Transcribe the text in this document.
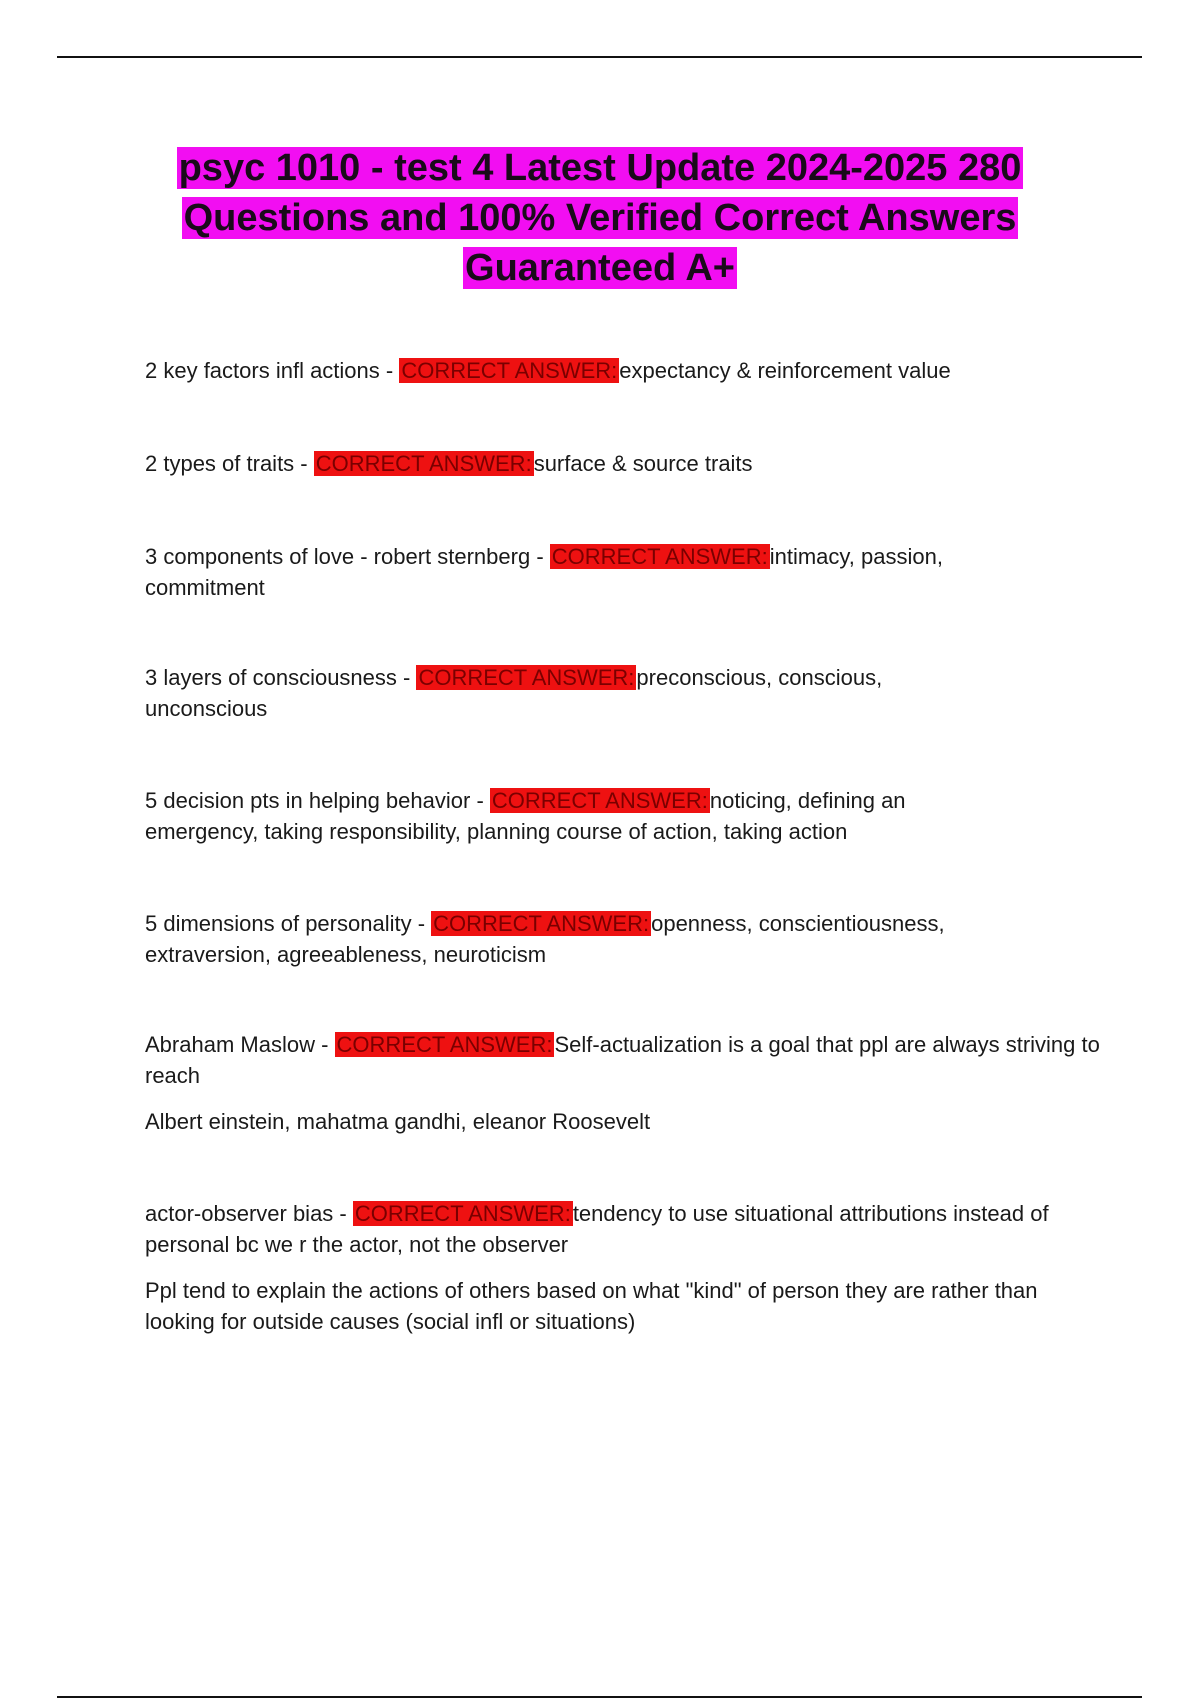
psyc 1010 - test 4 Latest Update 2024-2025 280 Questions and 100% Verified Correct Answers Guaranteed A+

2 key factors infl actions - CORRECT ANSWER:expectancy & reinforcement value

2 types of traits - CORRECT ANSWER:surface & source traits

3 components of love - robert sternberg - CORRECT ANSWER:intimacy, passion, commitment

3 layers of consciousness - CORRECT ANSWER:preconscious, conscious, unconscious

5 decision pts in helping behavior - CORRECT ANSWER:noticing, defining an emergency, taking responsibility, planning course of action, taking action

5 dimensions of personality - CORRECT ANSWER:openness, conscientiousness, extraversion, agreeableness, neuroticism

Abraham Maslow - CORRECT ANSWER:Self-actualization is a goal that ppl are always striving to reach

Albert einstein, mahatma gandhi, eleanor Roosevelt

actor-observer bias - CORRECT ANSWER:tendency to use situational attributions instead of personal bc we r the actor, not the observer

Ppl tend to explain the actions of others based on what "kind" of person they are rather than looking for outside causes (social infl or situations)
